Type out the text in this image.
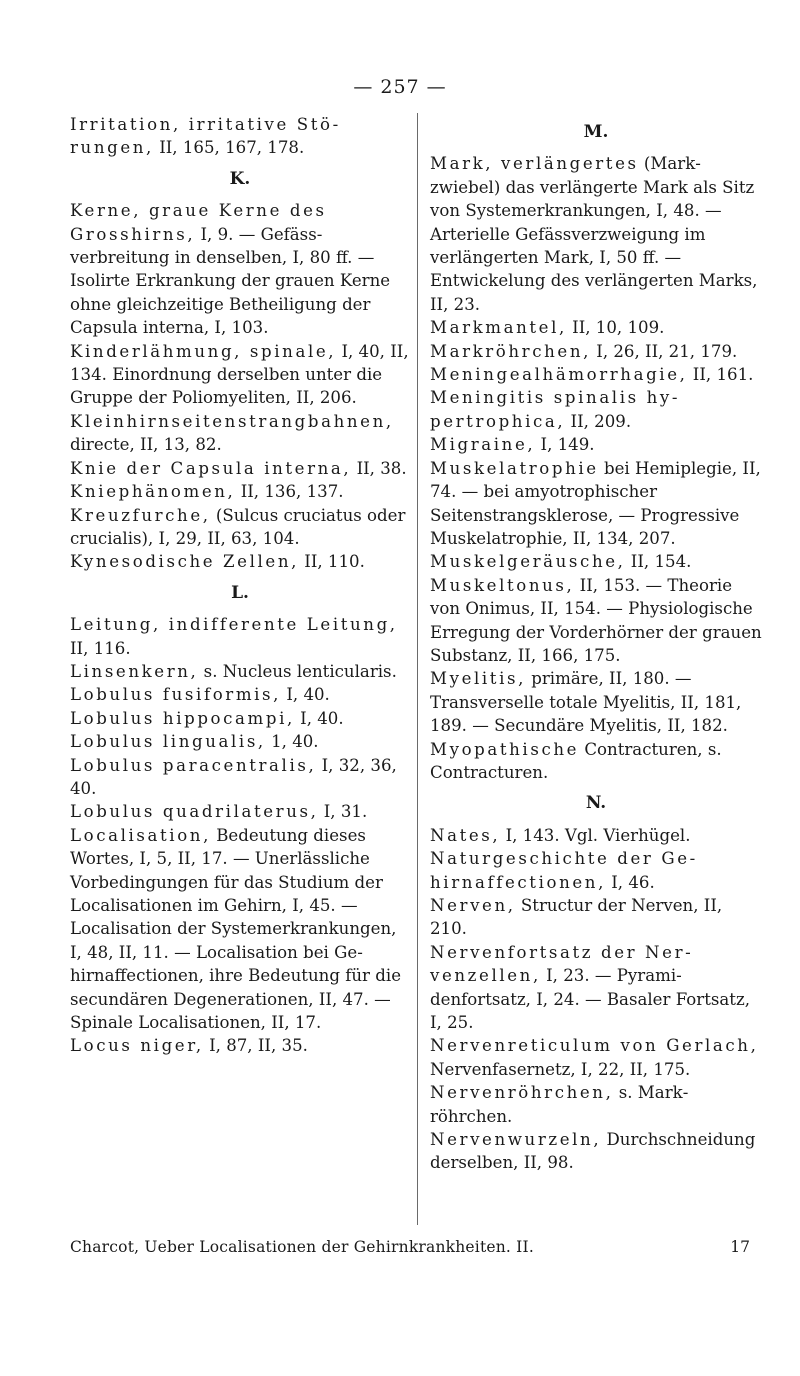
— 257 —

Irritation, irritative Störungen, II, 165, 167, 178.

K.

Kerne, graue Kerne des Grosshirns, I, 9. — Gefässverbreitung in denselben, I, 80 ff. — Isolirte Erkrankung der grauen Kerne ohne gleichzeitige Betheiligung der Capsula interna, I, 103.

Kinderlähmung, spinale, I, 40, II, 134. Einordnung derselben unter die Gruppe der Poliomyeliten, II, 206.

Kleinhirnseitenstrangbahnen, directe, II, 13, 82.

Knie der Capsula interna, II, 38.

Kniephänomen, II, 136, 137.

Kreuzfurche, (Sulcus cruciatus oder crucialis), I, 29, II, 63, 104.

Kynesodische Zellen, II, 110.

L.

Leitung, indifferente Leitung, II, 116.

Linsenkern, s. Nucleus lenticularis.

Lobulus fusiformis, I, 40.

Lobulus hippocampi, I, 40.

Lobulus lingualis, 1, 40.

Lobulus paracentralis, I, 32, 36, 40.

Lobulus quadrilaterus, I, 31.

Localisation, Bedeutung dieses Wortes, I, 5, II, 17. — Unerlässliche Vorbedingungen für das Studium der Localisationen im Gehirn, I, 45. — Localisation der Systemerkrankungen, I, 48, II, 11. — Localisation bei Gehirnaffectionen, ihre Bedeutung für die secundären Degenerationen, II, 47. — Spinale Localisationen, II, 17.

Locus niger, I, 87, II, 35.

M.

Mark, verlängertes (Markzwiebel) das verlängerte Mark als Sitz von Systemerkrankungen, I, 48. — Arterielle Gefässverzweigung im verlängerten Mark, I, 50 ff. — Entwickelung des verlängerten Marks, II, 23.

Markmantel, II, 10, 109.

Markröhrchen, I, 26, II, 21, 179.

Meningealhämorrhagie, II, 161.

Meningitis spinalis hypertrophica, II, 209.

Migraine, I, 149.

Muskelatrophie bei Hemiplegie, II, 74. — bei amyotrophischer Seitenstrangsklerose, — Progressive Muskelatrophie, II, 134, 207.

Muskelgeräusche, II, 154.

Muskeltonus, II, 153. — Theorie von Onimus, II, 154. — Physiologische Erregung der Vorderhörner der grauen Substanz, II, 166, 175.

Myelitis, primäre, II, 180. — Transverselle totale Myelitis, II, 181, 189. — Secundäre Myelitis, II, 182.

Myopathische Contracturen, s. Contracturen.

N.

Nates, I, 143. Vgl. Vierhügel.

Naturgeschichte der Gehirnaffectionen, I, 46.

Nerven, Structur der Nerven, II, 210.

Nervenfortsatz der Nervenzellen, I, 23. — Pyramidenfortsatz, I, 24. — Basaler Fortsatz, I, 25.

Nervenreticulum von Gerlach, Nervenfasernetz, I, 22, II, 175.

Nervenröhrchen, s. Markröhrchen.

Nervenwurzeln, Durchschneidung derselben, II, 98.

Charcot, Ueber Localisationen der Gehirnkrankheiten. II.	17
